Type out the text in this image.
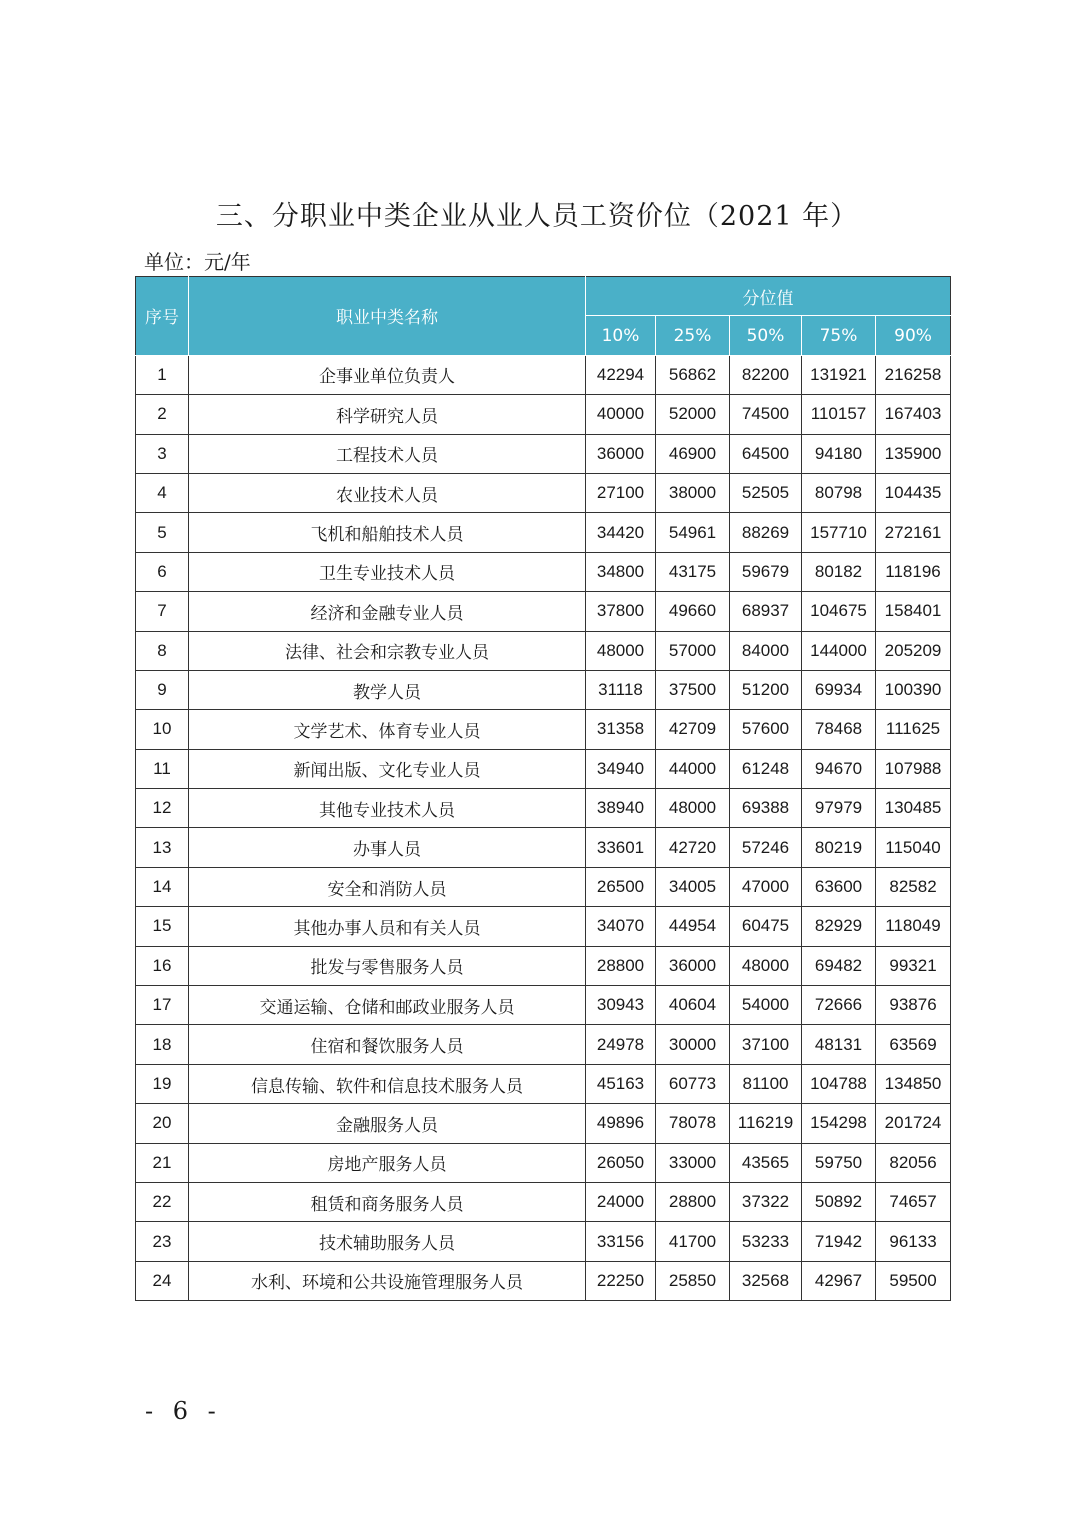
三、分职业中类企业从业人员工资价位（2021 年）
单位：元/年
序号	职业中类名称	分位值				
		10%	25%	50%	75%	90%
1	企事业单位负责人	42294	56862	82200	131921	216258
2	科学研究人员	40000	52000	74500	110157	167403
3	工程技术人员	36000	46900	64500	94180	135900
4	农业技术人员	27100	38000	52505	80798	104435
5	飞机和船舶技术人员	34420	54961	88269	157710	272161
6	卫生专业技术人员	34800	43175	59679	80182	118196
7	经济和金融专业人员	37800	49660	68937	104675	158401
8	法律、社会和宗教专业人员	48000	57000	84000	144000	205209
9	教学人员	31118	37500	51200	69934	100390
10	文学艺术、体育专业人员	31358	42709	57600	78468	111625
11	新闻出版、文化专业人员	34940	44000	61248	94670	107988
12	其他专业技术人员	38940	48000	69388	97979	130485
13	办事人员	33601	42720	57246	80219	115040
14	安全和消防人员	26500	34005	47000	63600	82582
15	其他办事人员和有关人员	34070	44954	60475	82929	118049
16	批发与零售服务人员	28800	36000	48000	69482	99321
17	交通运输、仓储和邮政业服务人员	30943	40604	54000	72666	93876
18	住宿和餐饮服务人员	24978	30000	37100	48131	63569
19	信息传输、软件和信息技术服务人员	45163	60773	81100	104788	134850
20	金融服务人员	49896	78078	116219	154298	201724
21	房地产服务人员	26050	33000	43565	59750	82056
22	租赁和商务服务人员	24000	28800	37322	50892	74657
23	技术辅助服务人员	33156	41700	53233	71942	96133
24	水利、环境和公共设施管理服务人员	22250	25850	32568	42967	59500
- 6 -
